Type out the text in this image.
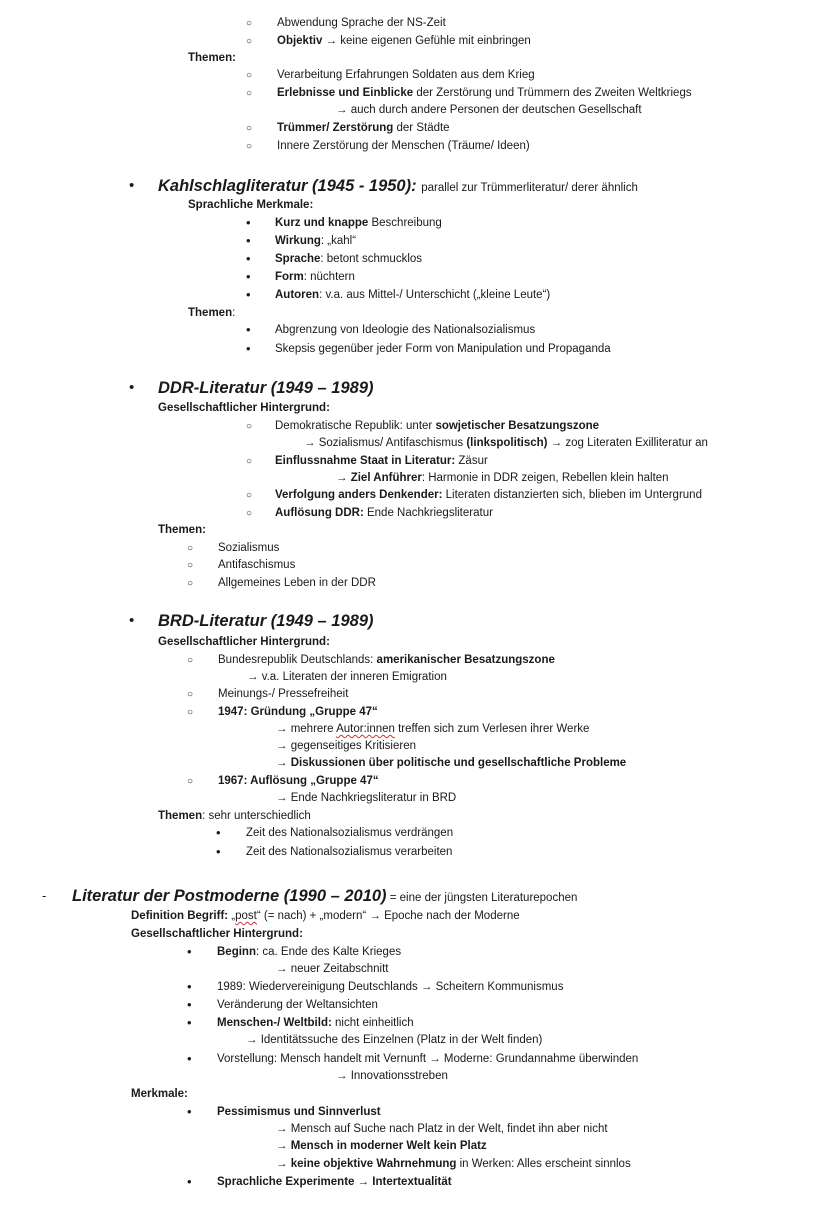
○ Abwendung Sprache der NS-Zeit
○ Objektiv → keine eigenen Gefühle mit einbringen
Themen:
○ Verarbeitung Erfahrungen Soldaten aus dem Krieg
○ Erlebnisse und Einblicke der Zerstörung und Trümmern des Zweiten Weltkriegs
→ auch durch andere Personen der deutschen Gesellschaft
○ Trümmer/ Zerstörung der Städte
○ Innere Zerstörung der Menschen (Träume/ Ideen)
• Kahlschlagliteratur (1945 - 1950): parallel zur Trümmerliteratur/ derer ähnlich
Sprachliche Merkmale:
• Kurz und knappe Beschreibung
• Wirkung: „kahl“
• Sprache: betont schmucklos
• Form: nüchtern
• Autoren: v.a. aus Mittel-/ Unterschicht („kleine Leute“)
Themen:
• Abgrenzung von Ideologie des Nationalsozialismus
• Skepsis gegenüber jeder Form von Manipulation und Propaganda
• DDR-Literatur (1949 – 1989)
Gesellschaftlicher Hintergrund:
○ Demokratische Republik: unter sowjetischer Besatzungszone
→ Sozialismus/ Antifaschismus (linkspolitisch) → zog Literaten Exilliteratur an
○ Einflussnahme Staat in Literatur: Zäsur
→ Ziel Anführer: Harmonie in DDR zeigen, Rebellen klein halten
○ Verfolgung anders Denkender: Literaten distanzierten sich, blieben im Untergrund
○ Auflösung DDR: Ende Nachkriegsliteratur
Themen:
○ Sozialismus
○ Antifaschismus
○ Allgemeines Leben in der DDR
• BRD-Literatur (1949 – 1989)
Gesellschaftlicher Hintergrund:
○ Bundesrepublik Deutschlands: amerikanischer Besatzungszone
→ v.a. Literaten der inneren Emigration
○ Meinungs-/ Pressefreiheit
○ 1947: Gründung „Gruppe 47“
→ mehrere Autor:innen treffen sich zum Verlesen ihrer Werke
→ gegenseitiges Kritisieren
→ Diskussionen über politische und gesellschaftliche Probleme
○ 1967: Auflösung „Gruppe 47“
→ Ende Nachkriegsliteratur in BRD
Themen: sehr unterschiedlich
• Zeit des Nationalsozialismus verdrängen
• Zeit des Nationalsozialismus verarbeiten
- Literatur der Postmoderne (1990 – 2010) = eine der jüngsten Literaturepochen
Definition Begriff: „post“ (= nach) + „modern“ → Epoche nach der Moderne
Gesellschaftlicher Hintergrund:
• Beginn: ca. Ende des Kalte Krieges
→ neuer Zeitabschnitt
• 1989: Wiedervereinigung Deutschlands → Scheitern Kommunismus
• Veränderung der Weltansichten
• Menschen-/ Weltbild: nicht einheitlich
→ Identitätssuche des Einzelnen (Platz in der Welt finden)
• Vorstellung: Mensch handelt mit Vernunft → Moderne: Grundannahme überwinden
→ Innovationsstreben
Merkmale:
• Pessimismus und Sinnverlust
→ Mensch auf Suche nach Platz in der Welt, findet ihn aber nicht
→ Mensch in moderner Welt kein Platz
→ keine objektive Wahrnehmung in Werken: Alles erscheint sinnlos
• Sprachliche Experimente → Intertextualität
